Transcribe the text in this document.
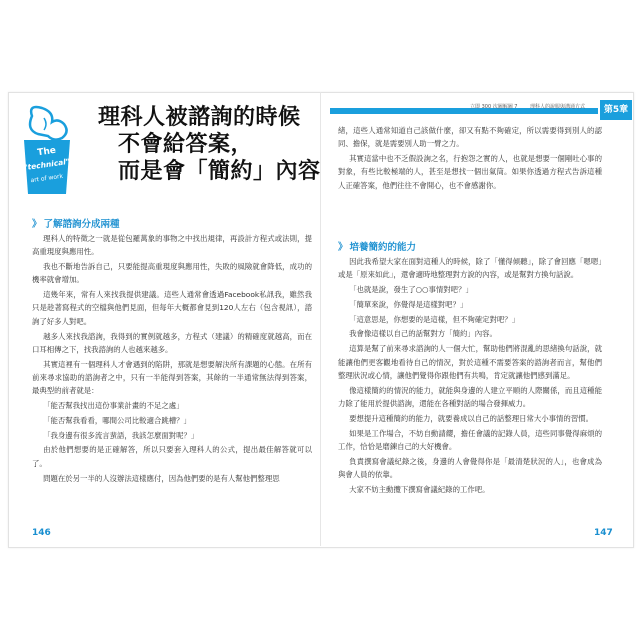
立即 300 次圖解圖 7	理科人的說服與溝通方式	第5章
The
"technical"
art of work
理科人被諮詢的時候
不會給答案，
而是會「簡約」內容
》 了解諮詢分成兩種

理科人的特徵之一就是從包羅萬象的事物之中找出規律，再設計方程式或法則，提高重現度與應用性。

我也不斷地告訴自己，只要能提高重現度與應用性，失敗的風險就會降低，成功的機率就會增加。

這幾年來，常有人來找我提供建議。這些人通常會透過Facebook私訊我，雖然我只是趁著寫程式的空檔與他們見面，但每年大概都會見到120人左右（包含視訊），諮詢了好多人對吧。

越多人來找我諮詢，我得到的實例就越多，方程式（建議）的精確度就越高，而在口耳相傳之下，找我諮詢的人也越來越多。

其實這裡有一個理科人才會遇到的陷阱，那就是想要解決所有課題的心態。在所有前來尋求協助的諮詢者之中，只有一半能得到答案，其餘的一半通常無法得到答案，最典型的前者就是：

「能否幫我找出這份事業計畫的不足之處」

「能否幫我看看，哪間公司比較適合跳槽？」

「我身邊有很多流言蜚語，我該怎麼面對呢？」

由於他們想要的是正確解答，所以只要套入理科人的公式，提出最佳解答就可以了。

問題在於另一半的人沒辦法這樣應付，因為他們要的是有人幫他們整理思

146

緒，這些人通常知道自己該做什麼，卻又有點不夠確定，所以需要得到別人的認同、擔保，就是需要別人助一臂之力。

其實這當中也不乏假設詢之名，行抱怨之實的人，也就是想要一個剛吐心事的對象，有些比較極端的人，甚至是想找一個出氣筒。如果你透過方程式告訴這種人正確答案，他們往往不會開心，也不會感謝你。

》 培養簡約的能力

因此我希望大家在面對這種人的時候，除了「懂得傾聽」，除了會回應「嗯嗯」或是「原來如此」，還會適時地整理對方說的內容，或是幫對方換句話說。

「也就是說，發生了○○事情對吧？」

「簡單來說，你覺得是這樣對吧？」

「這意思是，你想要的是這樣，但不夠確定對吧？」

我會像這樣以自己的話幫對方「簡約」內容。

這算是幫了前來尋求諮詢的人一個大忙，幫助他們將混亂的思緒換句話說，就能讓他們更客觀地看待自己的情況，對於這種不需要答案的諮詢者而言，幫他們整理狀況或心情，讓他們覺得你跟他們有共鳴，肯定就讓他們感到滿足。

像這樣簡約的情況的能力，就能與身邊的人建立平順的人際關係，而且這種能力除了能用於提供諮詢，還能在各種對話的場合發揮威力。

要想提升這種簡約的能力，就要養成以自己的話整理日常大小事情的習慣。

如果是工作場合，不妨自動請纓，擔任會議的記錄人員，這些同事覺得麻煩的工作，恰恰是磨鍊自己的大好機會。

負責撰寫會議紀錄之後，身邊的人會覺得你是「最清楚狀況的人」，也會成為與會人員的依靠。

大家不妨主動攬下撰寫會議紀錄的工作吧。

147
